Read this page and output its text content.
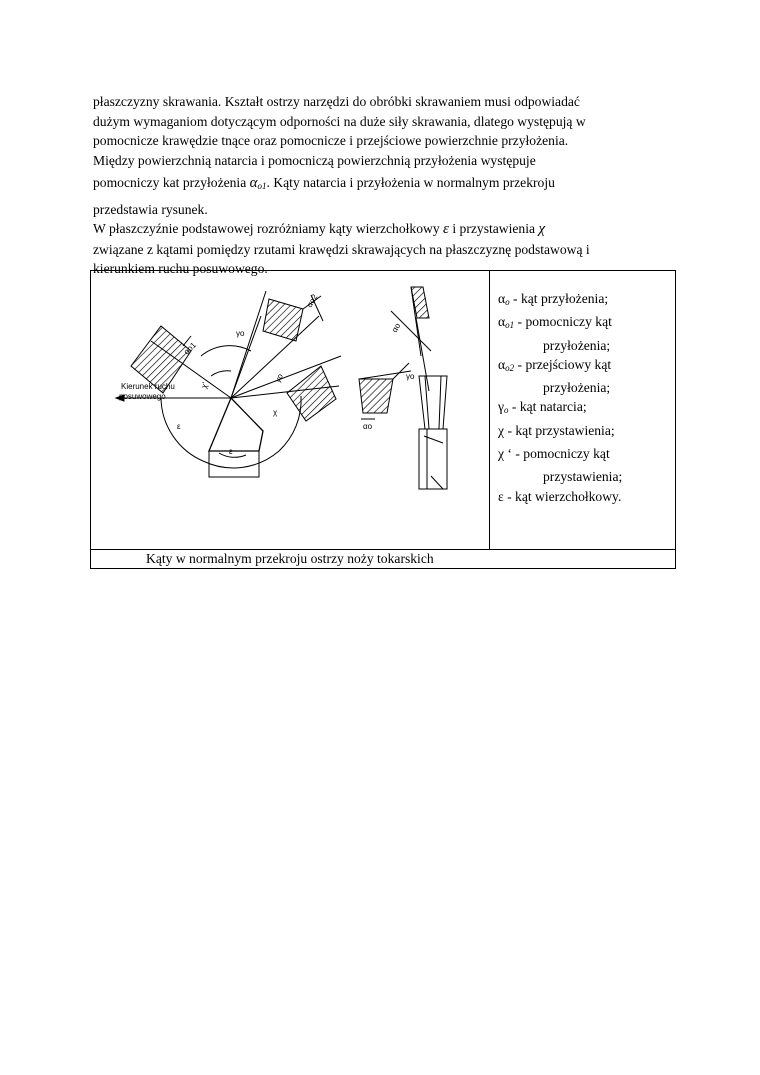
płaszczyzny skrawania. Kształt ostrzy narzędzi do obróbki skrawaniem musi odpowiadać

dużym wymaganiom dotyczącym odporności na duże siły skrawania, dlatego występują w

pomocnicze krawędzie tnące oraz pomocnicze i przejściowe powierzchnie przyłożenia.

Między powierzchnią natarcia i pomocniczą powierzchnią przyłożenia występuje

pomocniczy kat przyłożenia $\alpha_{o1}$. Kąty natarcia i przyłożenia w normalnym przekroju

przedstawia rysunek.

W płaszczyźnie podstawowej rozróżniamy kąty wierzchołkowy ε i przystawienia χ

związane z kątami pomiędzy rzutami krawędzi skrawających na płaszczyznę podstawową i

kierunkiem ruchu posuwowego.

Kierunek ruchu
posuwowego
αo1
γo
αo2
γo
χ
χ'
ε
ε
αo
γo
αo

$\alpha_o$ - kąt przyłożenia;
$\alpha_{o1}$ - pomocniczy kąt
przyłożenia;
$\alpha_{o2}$ - przejściowy kąt
przyłożenia;
$\gamma_o$ - kąt natarcia;
χ - kąt przystawienia;
χ ‘ - pomocniczy kąt
przystawienia;
ε - kąt wierzchołkowy.

Kąty w normalnym przekroju ostrzy noży tokarskich
